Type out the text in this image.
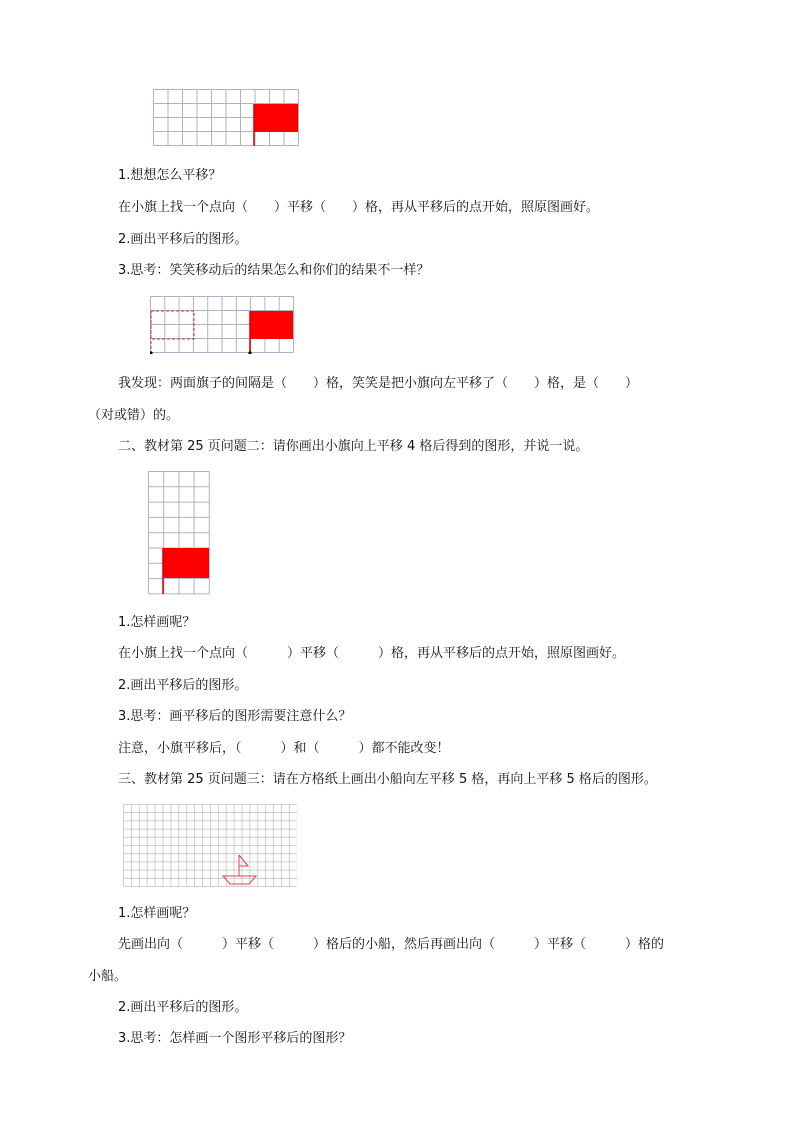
1.想想怎么平移？
在小旗上找一个点向（　　）平移（　　）格，再从平移后的点开始，照原图画好。
2.画出平移后的图形。
3.思考：笑笑移动后的结果怎么和你们的结果不一样？
我发现：两面旗子的间隔是（　　）格，笑笑是把小旗向左平移了（　　）格，是（　　）
（对或错）的。
二、教材第 25 页问题二：请你画出小旗向上平移 4 格后得到的图形，并说一说。
1.怎样画呢？
在小旗上找一个点向（　　　）平移（　　　）格，再从平移后的点开始，照原图画好。
2.画出平移后的图形。
3.思考：画平移后的图形需要注意什么？
注意，小旗平移后，（　　　）和（　　　）都不能改变！
三、教材第 25 页问题三：请在方格纸上画出小船向左平移 5 格，再向上平移 5 格后的图形。
1.怎样画呢？
先画出向（　　　）平移（　　　）格后的小船，然后再画出向（　　　）平移（　　　）格的
小船。
2.画出平移后的图形。
3.思考：怎样画一个图形平移后的图形？
